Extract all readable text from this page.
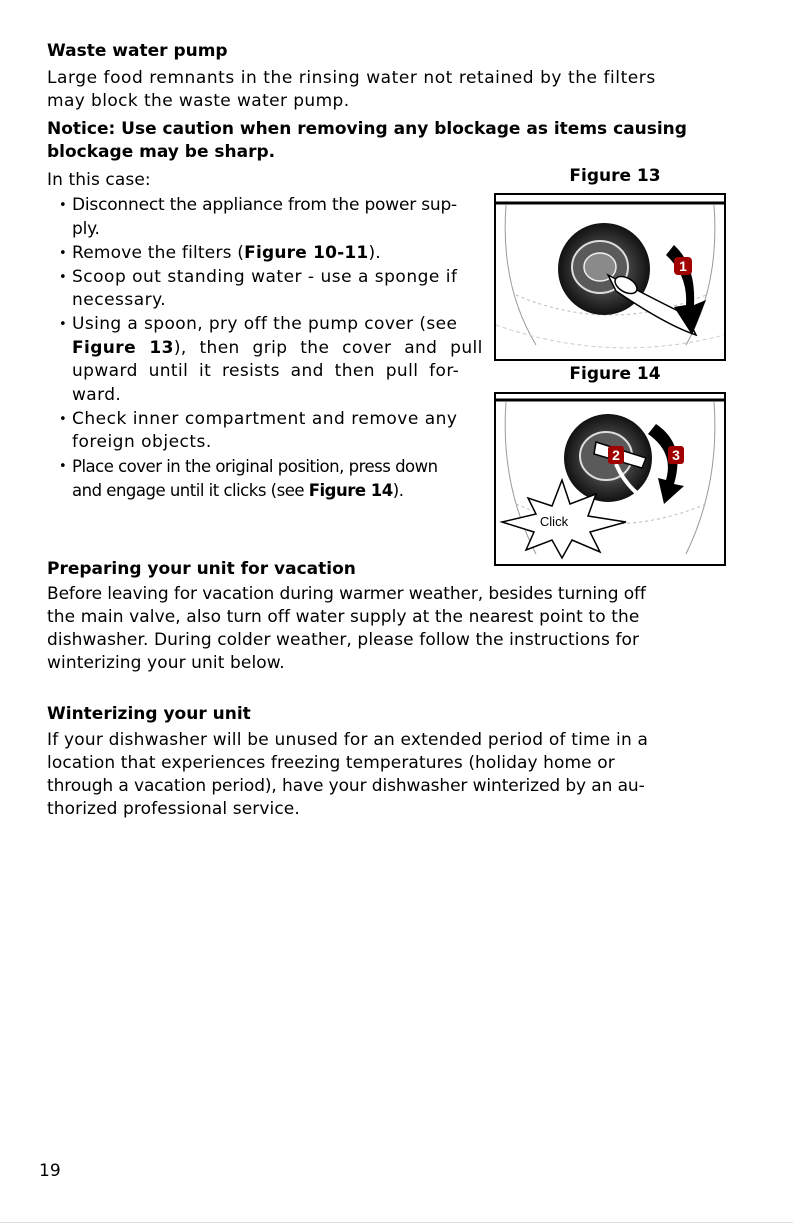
Waste water pump
Large food remnants in the rinsing water not retained by the filters
may block the waste water pump.
Notice: Use caution when removing any blockage as items causing
blockage may be sharp.
In this case:
• Disconnect the appliance from the power sup-
ply.
• Remove the filters (Figure 10-11).
• Scoop out standing water - use a sponge if
necessary.
• Using a spoon, pry off the pump cover (see
Figure 13), then grip the cover and pull
upward until it resists and then pull for-
ward.
• Check inner compartment and remove any
foreign objects.
• Place cover in the original position, press down
and engage until it clicks (see Figure 14).
Figure 13
1
Figure 14
2	3
Click
Preparing your unit for vacation
Before leaving for vacation during warmer weather, besides turning off
the main valve, also turn off water supply at the nearest point to the
dishwasher. During colder weather, please follow the instructions for
winterizing your unit below.
Winterizing your unit
If your dishwasher will be unused for an extended period of time in a
location that experiences freezing temperatures (holiday home or
through a vacation period), have your dishwasher winterized by an au-
thorized professional service.
19
